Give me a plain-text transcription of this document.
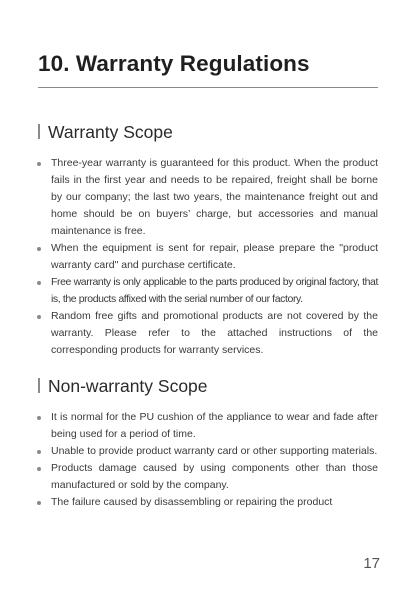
10. Warranty Regulations
Warranty Scope
Three-year warranty is guaranteed for this product. When the product fails in the first year and needs to be repaired, freight shall be borne by our company; the last two years, the maintenance freight out and home should be on buyers’ charge, but accessories and manual maintenance is free.
When the equipment is sent for repair, please prepare the "product warranty card" and purchase certificate.
Free warranty is only applicable to the parts produced by original factory, that is, the products affixed with the serial number of our factory.
Random free gifts and promotional products are not covered by the warranty. Please refer to the attached instructions of the corresponding products for warranty services.
Non-warranty Scope
It is normal for the PU cushion of the appliance to wear and fade after being used for a period of time.
Unable to provide product warranty card or other supporting materials.
Products damage caused by using components other than those manufactured or sold by the company.
The failure caused by disassembling or repairing the product
17
